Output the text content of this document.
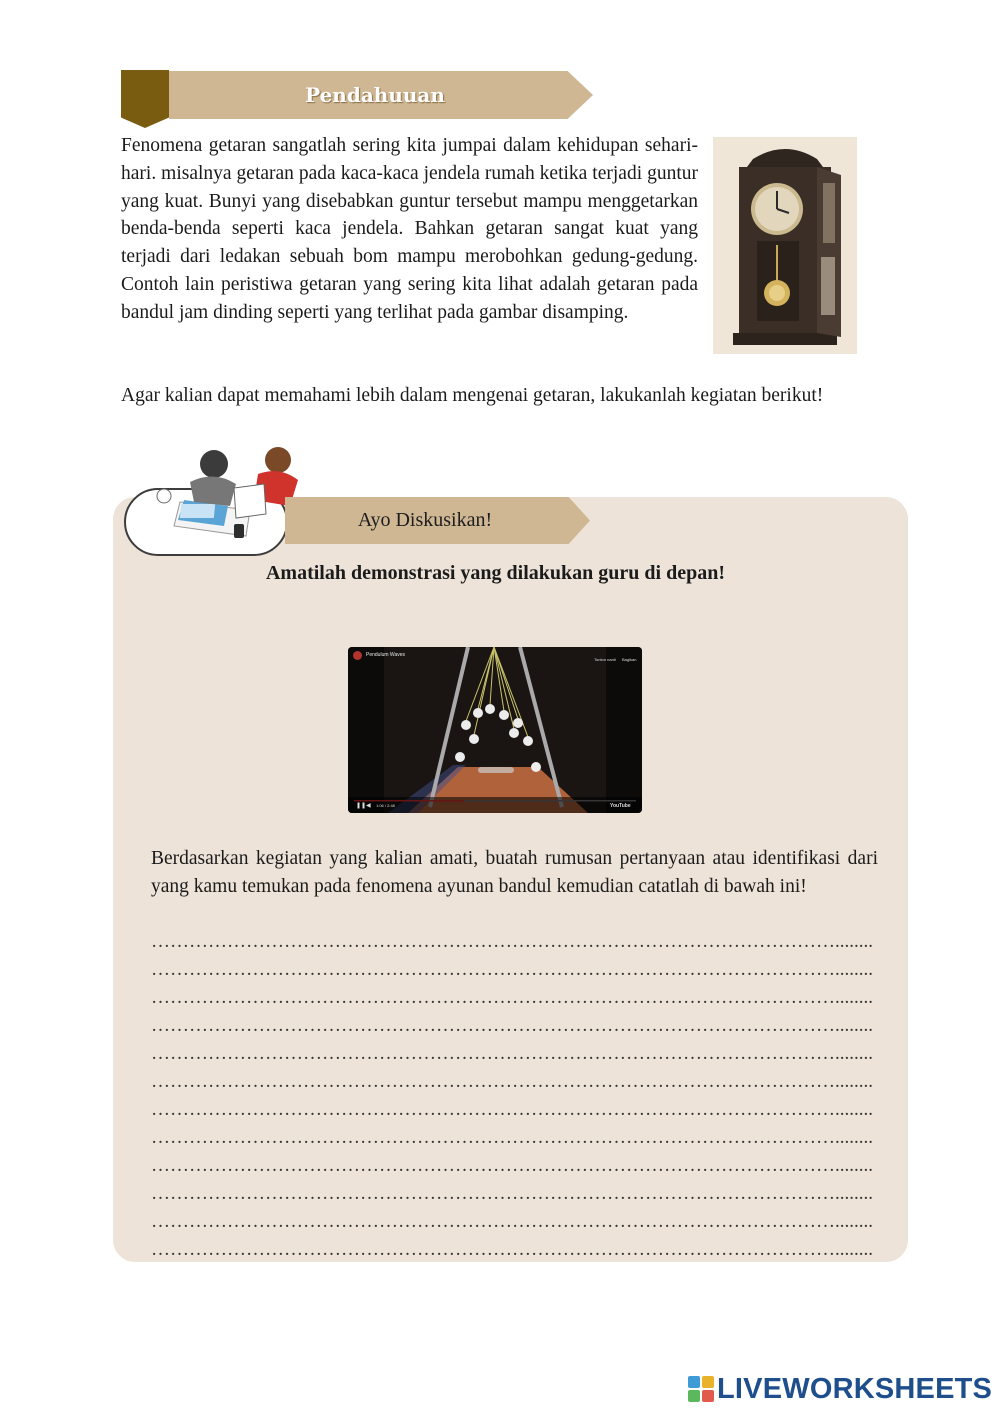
Pendahuuan
Fenomena getaran sangatlah sering kita jumpai dalam kehidupan sehari-hari. misalnya getaran pada kaca-kaca jendela rumah ketika terjadi guntur yang kuat. Bunyi yang disebabkan guntur tersebut mampu menggetarkan benda-benda seperti kaca jendela. Bahkan getaran sangat kuat yang terjadi dari ledakan sebuah bom mampu merobohkan gedung-gedung. Contoh lain peristiwa getaran yang sering kita lihat adalah getaran pada bandul jam dinding seperti yang terlihat pada gambar disamping.
Agar kalian dapat memahami lebih dalam mengenai getaran, lakukanlah kegiatan berikut!
Ayo Diskusikan!
Amatilah demonstrasi yang dilakukan guru di depan!
Pendulum Waves
Tonton nanti Bagikan
❚❚ ◀ 1:06 / 2:48	YouTube
Berdasarkan kegiatan yang kalian amati, buatah rumusan pertanyaan atau identifikasi dari yang kamu temukan pada fenomena ayunan bandul kemudian catatlah di bawah ini!
………………………………………………………………………………………………........
………………………………………………………………………………………………........
………………………………………………………………………………………………........
………………………………………………………………………………………………........
………………………………………………………………………………………………........
………………………………………………………………………………………………........
………………………………………………………………………………………………........
………………………………………………………………………………………………........
………………………………………………………………………………………………........
………………………………………………………………………………………………........
………………………………………………………………………………………………........
………………………………………………………………………………………………........
LIVEWORKSHEETS
